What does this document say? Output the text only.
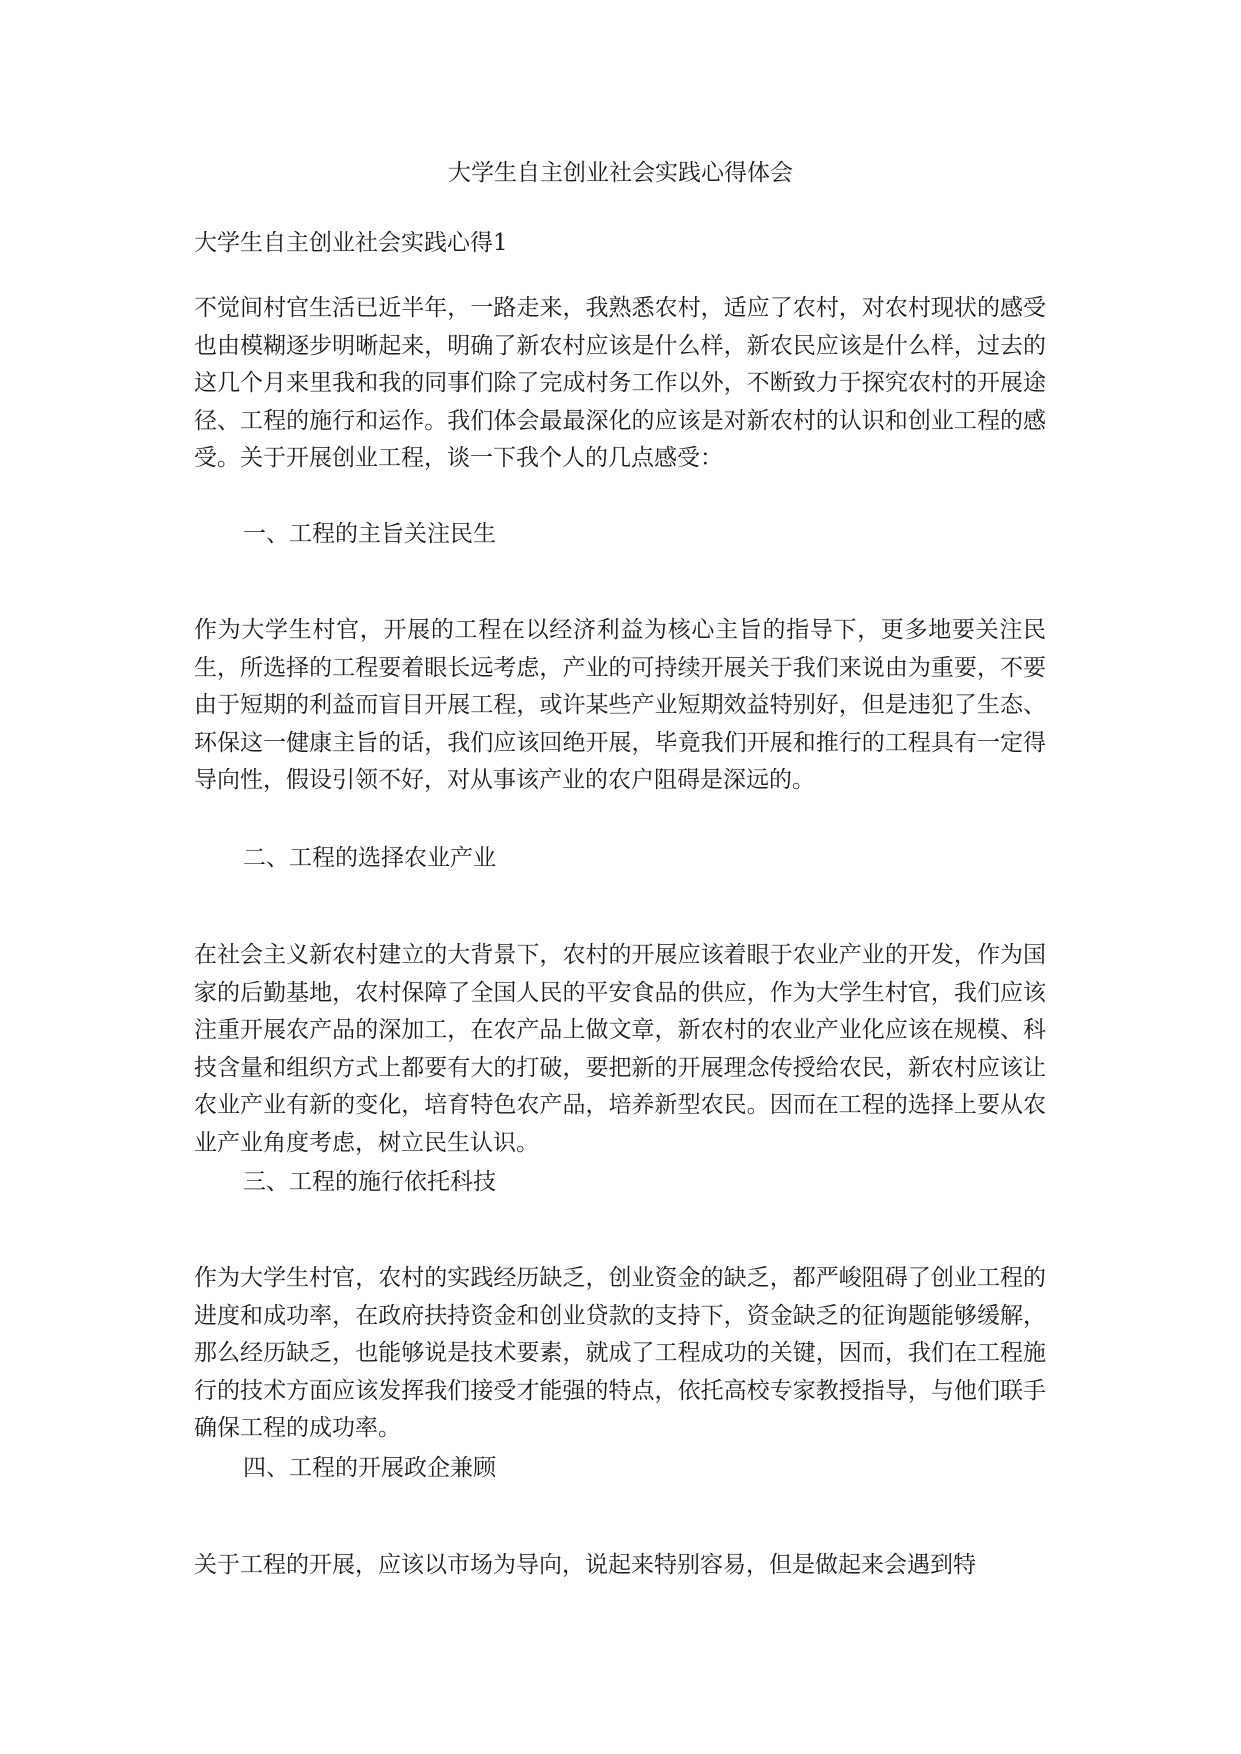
大学生自主创业社会实践心得体会

大学生自主创业社会实践心得1

不觉间村官生活已近半年，一路走来，我熟悉农村，适应了农村，对农村现状的感受也由模糊逐步明晰起来，明确了新农村应该是什么样，新农民应该是什么样，过去的这几个月来里我和我的同事们除了完成村务工作以外，不断致力于探究农村的开展途径、工程的施行和运作。我们体会最最深化的应该是对新农村的认识和创业工程的感受。关于开展创业工程，谈一下我个人的几点感受：

一、工程的主旨关注民生

作为大学生村官，开展的工程在以经济利益为核心主旨的指导下，更多地要关注民生，所选择的工程要着眼长远考虑，产业的可持续开展关于我们来说由为重要，不要由于短期的利益而盲目开展工程，或许某些产业短期效益特别好，但是违犯了生态、环保这一健康主旨的话，我们应该回绝开展，毕竟我们开展和推行的工程具有一定得导向性，假设引领不好，对从事该产业的农户阻碍是深远的。

二、工程的选择农业产业

在社会主义新农村建立的大背景下，农村的开展应该着眼于农业产业的开发，作为国家的后勤基地，农村保障了全国人民的平安食品的供应，作为大学生村官，我们应该注重开展农产品的深加工，在农产品上做文章，新农村的农业产业化应该在规模、科技含量和组织方式上都要有大的打破，要把新的开展理念传授给农民，新农村应该让农业产业有新的变化，培育特色农产品，培养新型农民。因而在工程的选择上要从农业产业角度考虑，树立民生认识。

三、工程的施行依托科技

作为大学生村官，农村的实践经历缺乏，创业资金的缺乏，都严峻阻碍了创业工程的进度和成功率，在政府扶持资金和创业贷款的支持下，资金缺乏的征询题能够缓解，那么经历缺乏，也能够说是技术要素，就成了工程成功的关键，因而，我们在工程施行的技术方面应该发挥我们接受才能强的特点，依托高校专家教授指导，与他们联手确保工程的成功率。

四、工程的开展政企兼顾

关于工程的开展，应该以市场为导向，说起来特别容易，但是做起来会遇到特
